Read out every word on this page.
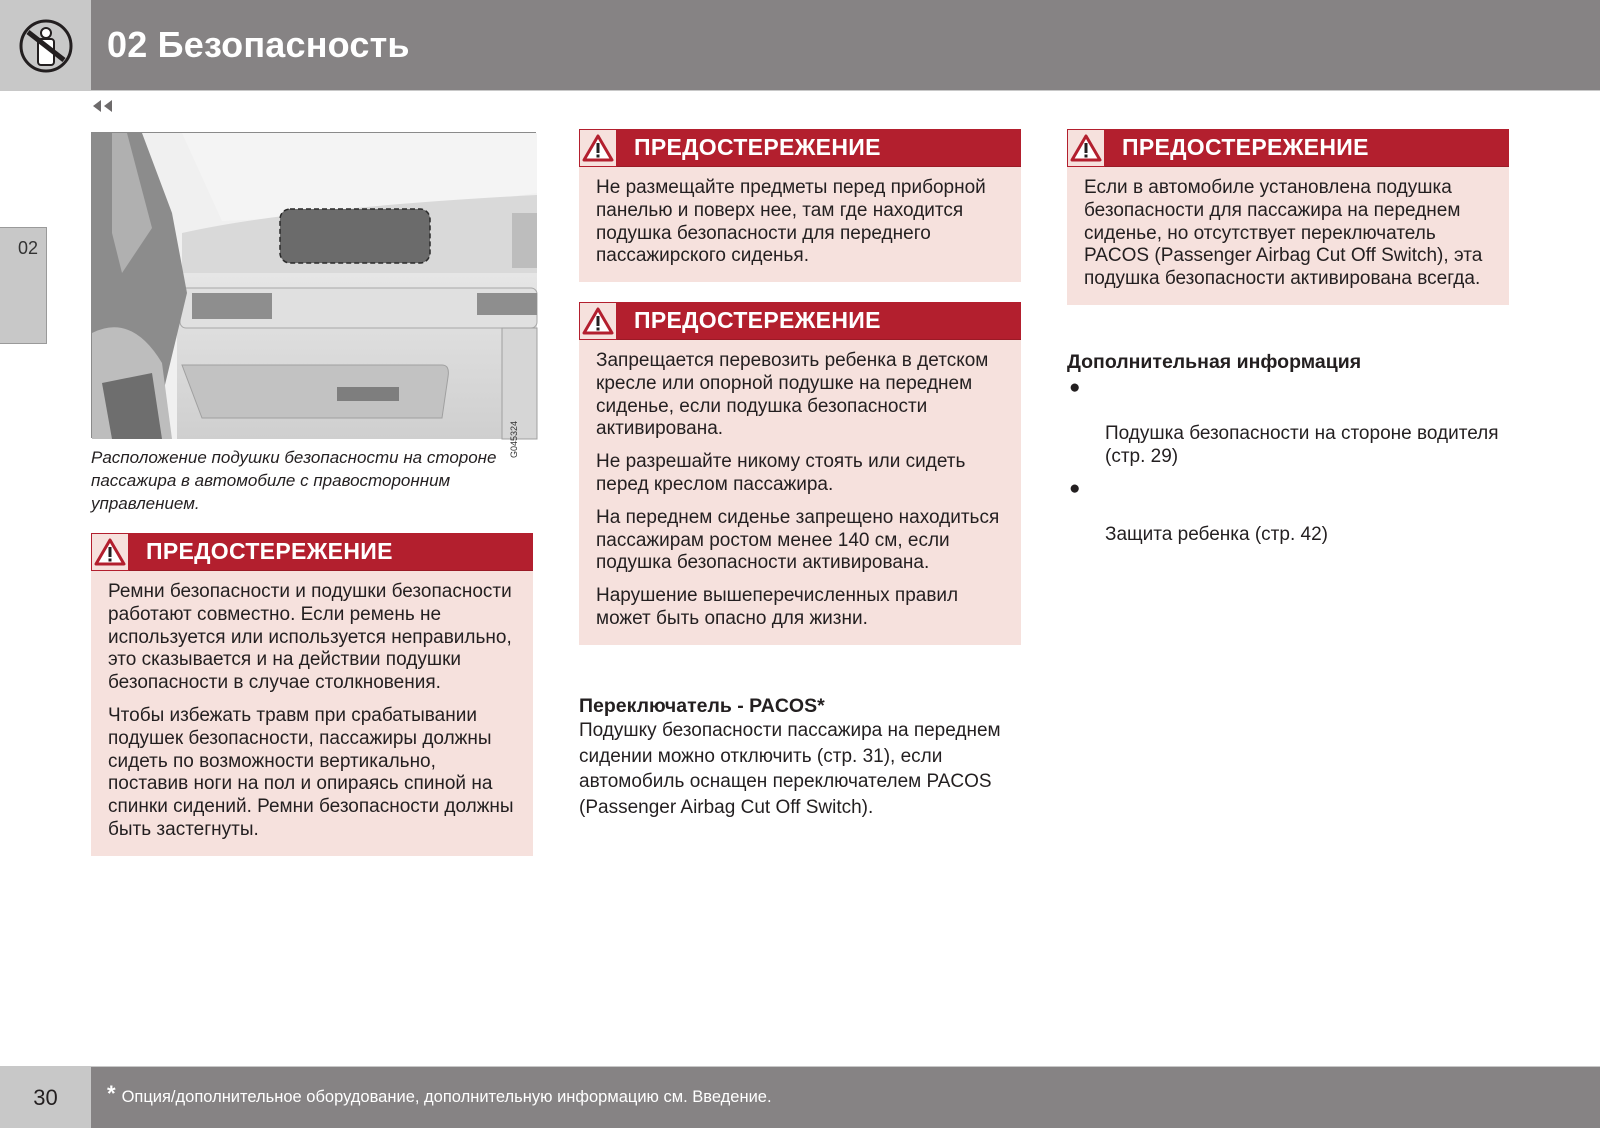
02 Безопасность
02
G045324
Расположение подушки безопасности на стороне пассажира в автомобиле с правосторонним управлением.
ПРЕДОСТЕРЕЖЕНИЕ

Ремни безопасности и подушки безопасности работают совместно. Если ремень не используется или используется неправильно, это сказывается и на действии подушки безопасности в случае столкновения.

Чтобы избежать травм при срабатывании подушек безопасности, пассажиры должны сидеть по возможности вертикально, поставив ноги на пол и опираясь спиной на спинки сидений. Ремни безопасности должны быть застегнуты.

ПРЕДОСТЕРЕЖЕНИЕ

Не размещайте предметы перед приборной панелью и поверх нее, там где находится подушка безопасности для переднего пассажирского сиденья.

ПРЕДОСТЕРЕЖЕНИЕ

Запрещается перевозить ребенка в детском кресле или опорной подушке на переднем сиденье, если подушка безопасности активирована.

Не разрешайте никому стоять или сидеть перед креслом пассажира.

На переднем сиденье запрещено находиться пассажирам ростом менее 140 см, если подушка безопасности активирована.

Нарушение вышеперечисленных правил может быть опасно для жизни.

ПРЕДОСТЕРЕЖЕНИЕ

Если в автомобиле установлена подушка безопасности для пассажира на переднем сиденье, но отсутствует переключатель PACOS (Passenger Airbag Cut Off Switch), эта подушка безопасности активирована всегда.

Переключатель - PACOS*
Подушку безопасности пассажира на переднем сидении можно отключить (стр. 31), если автомобиль оснащен переключателем PACOS (Passenger Airbag Cut Off Switch).
Дополнительная информация

●

Подушка безопасности на стороне водителя (стр. 29)

●

Защита ребенка (стр. 42)

30	* Опция/дополнительное оборудование, дополнительную информацию см. Введение.
